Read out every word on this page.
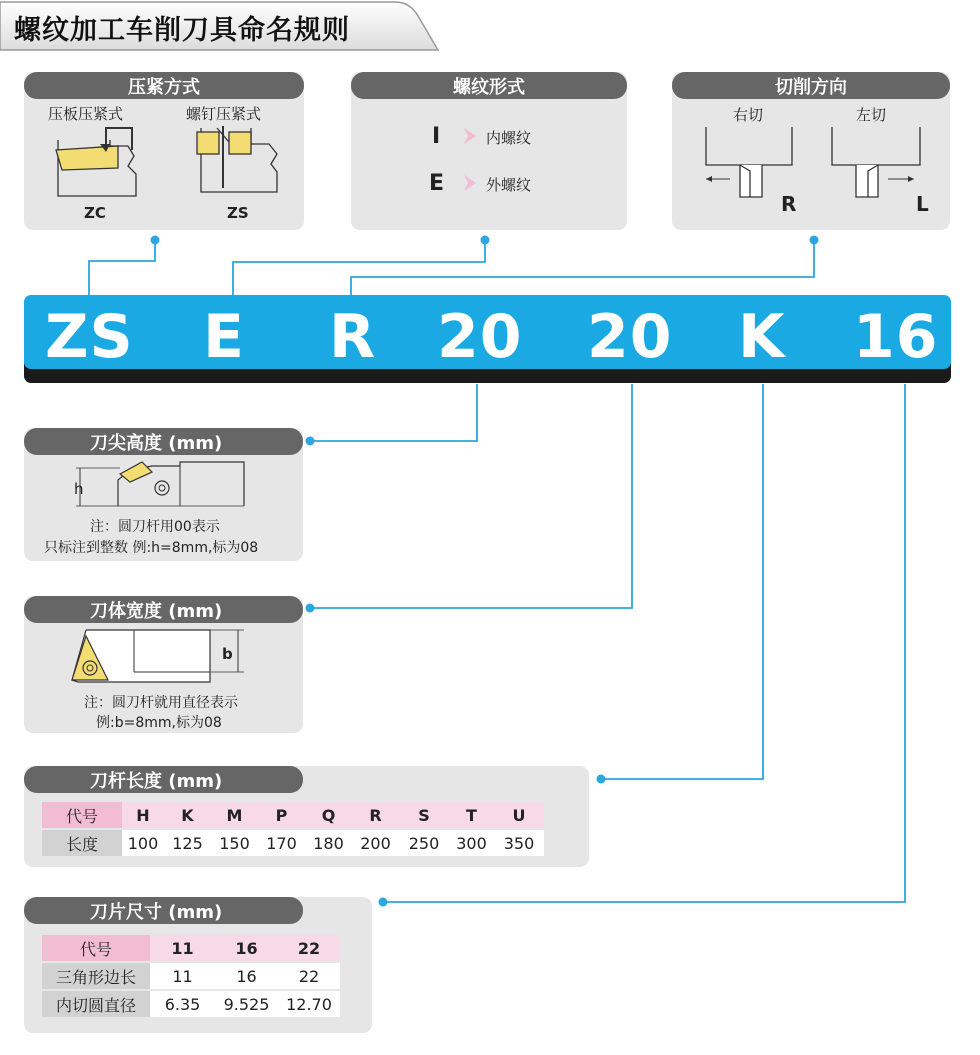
螺纹加工车削刀具命名规则
压紧方式
压板压紧式	螺钉压紧式
ZC	ZS
螺纹形式
I	内螺纹
E	外螺纹
切削方向
右切	左切
R	L
ZS E R 20 20 K 16
刀尖高度 (mm)
h
注：圆刀杆用00表示
只标注到整数 例:h=8mm,标为08
刀体宽度 (mm)
b
注：圆刀杆就用直径表示
例:b=8mm,标为08
刀杆长度 (mm)
代号	H	K	M	P	Q	R	S	T	U
长度	100	125	150	170	180	200	250	300	350
刀片尺寸 (mm)
代号	11	16	22
三角形边长	11	16	22
内切圆直径	6.35	9.525	12.70
